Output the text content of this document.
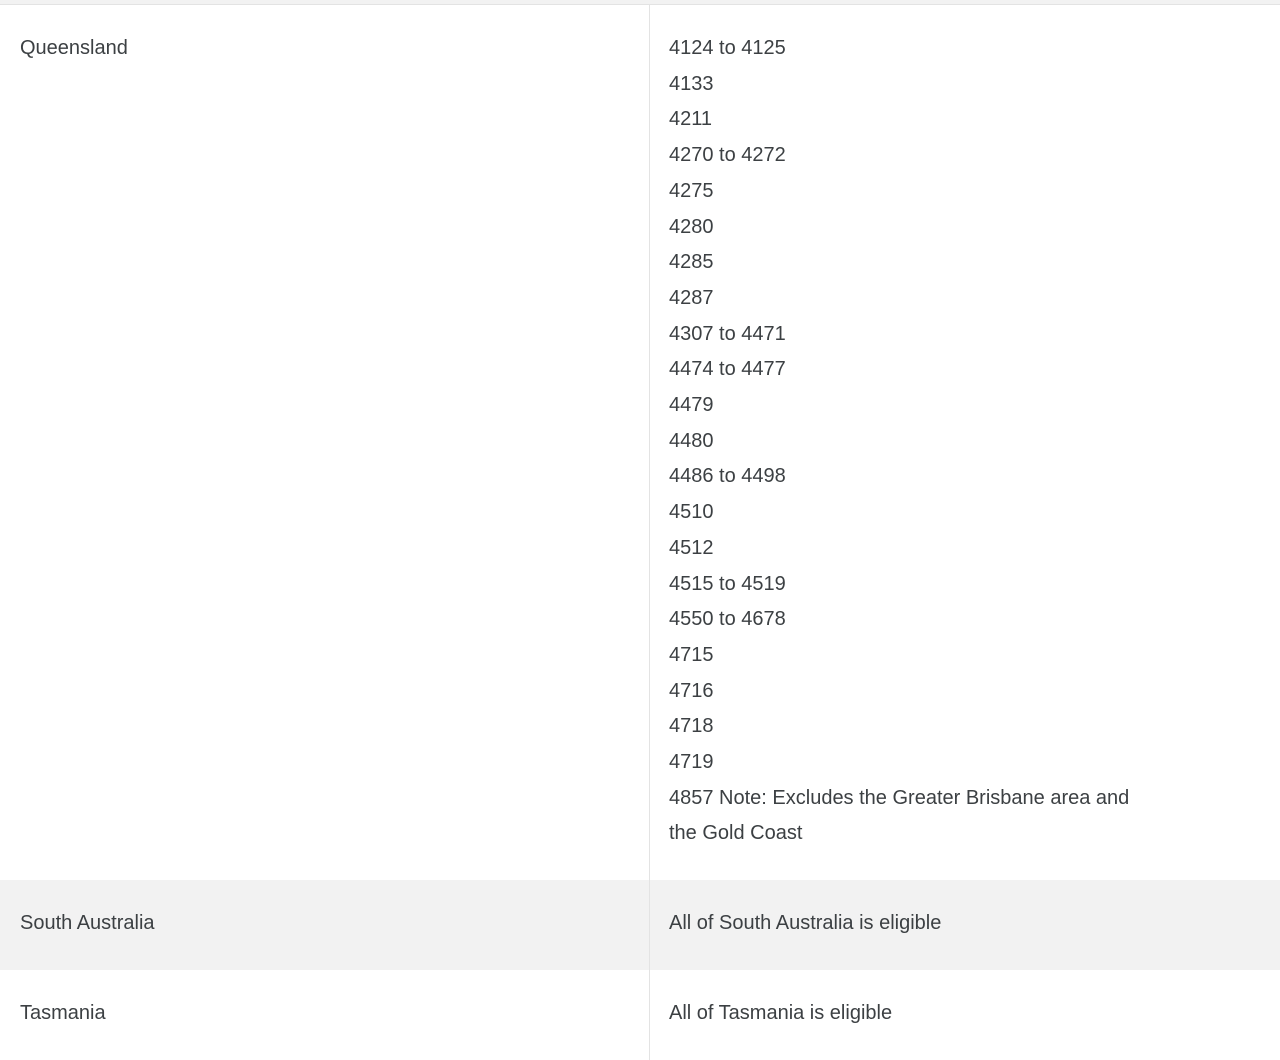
Queensland	4124 to 4125
4133
4211
4270 to 4272
4275
4280
4285
4287
4307 to 4471
4474 to 4477
4479
4480
4486 to 4498
4510
4512
4515 to 4519
4550 to 4678
4715
4716
4718
4719
4857 Note: Excludes the Greater Brisbane area and the Gold Coast
South Australia	All of South Australia is eligible
Tasmania	All of Tasmania is eligible
